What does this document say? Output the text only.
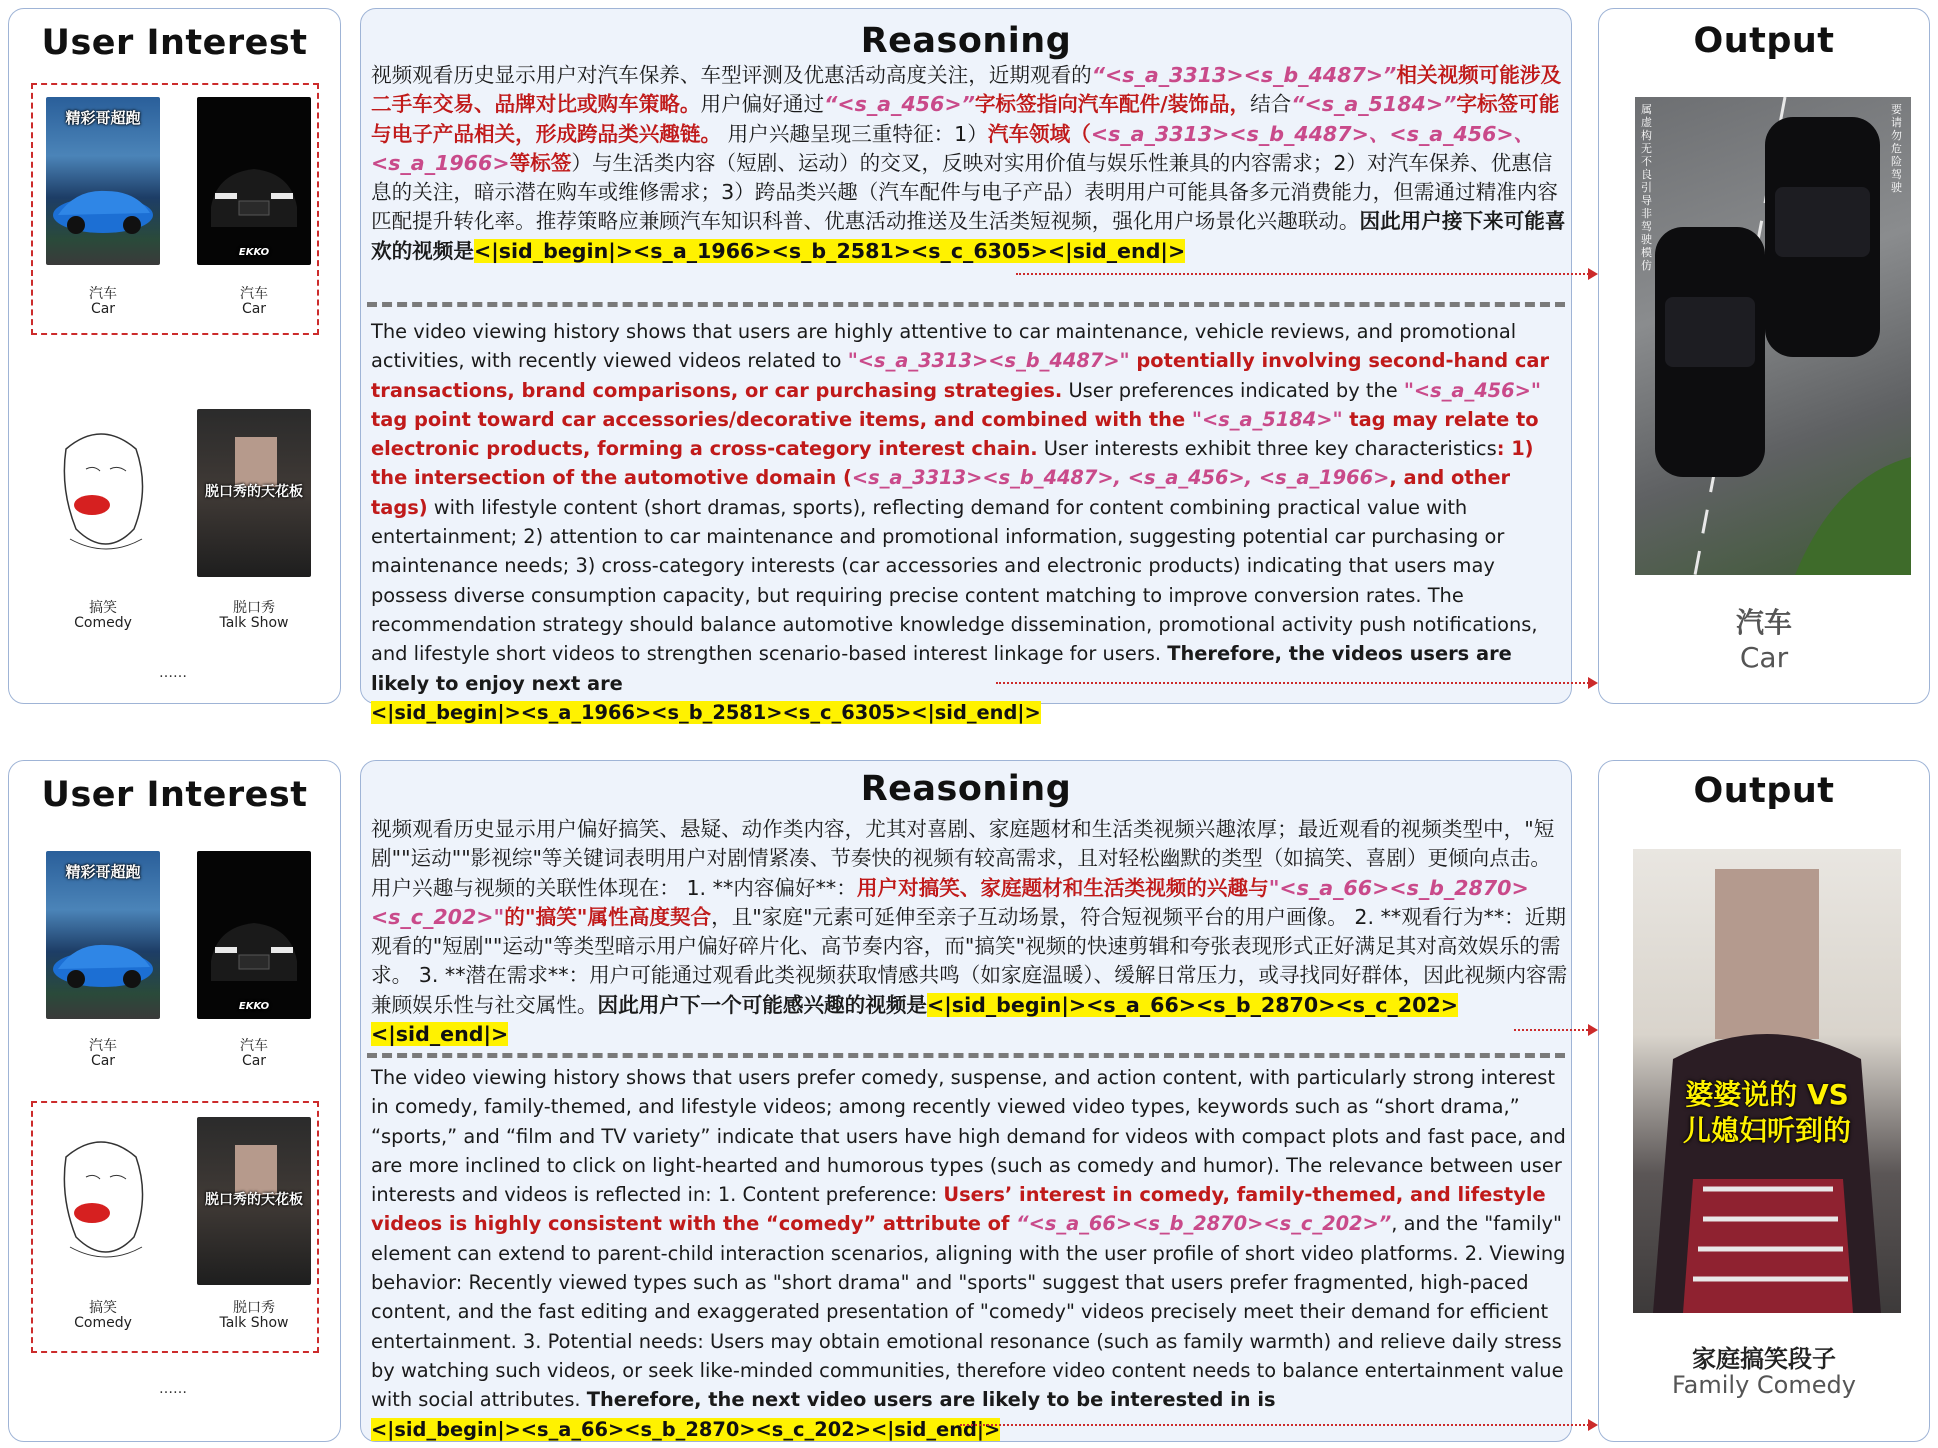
User Interest
精彩哥超跑
汽车
Car
EKKO
汽车
Car
搞笑
Comedy
脱口秀的天花板
脱口秀
Talk Show
……
Reasoning
视频观看历史显示用户对汽车保养、车型评测及优惠活动高度关注，近期观看的“<s_a_3313><s_b_4487>”相关视频可能涉及二手车交易、品牌对比或购车策略。用户偏好通过“<s_a_456>”字标签指向汽车配件/装饰品，结合“<s_a_5184>”字标签可能与电子产品相关，形成跨品类兴趣链。 用户兴趣呈现三重特征：1）汽车领域（<s_a_3313><s_b_4487>、<s_a_456>、<s_a_1966>等标签）与生活类内容（短剧、运动）的交叉，反映对实用价值与娱乐性兼具的内容需求；2）对汽车保养、优惠信息的关注，暗示潜在购车或维修需求；3）跨品类兴趣（汽车配件与电子产品）表明用户可能具备多元消费能力，但需通过精准内容匹配提升转化率。推荐策略应兼顾汽车知识科普、优惠活动推送及生活类短视频，强化用户场景化兴趣联动。因此用户接下来可能喜欢的视频是<|sid_begin|><s_a_1966><s_b_2581><s_c_6305><|sid_end|>
The video viewing history shows that users are highly attentive to car maintenance, vehicle reviews, and promotional activities, with recently viewed videos related to "<s_a_3313><s_b_4487>" potentially involving second-hand car transactions, brand comparisons, or car purchasing strategies. User preferences indicated by the "<s_a_456>" tag point toward car accessories/decorative items, and combined with the "<s_a_5184>" tag may relate to electronic products, forming a cross-category interest chain. User interests exhibit three key characteristics: 1) the intersection of the automotive domain (<s_a_3313><s_b_4487>, <s_a_456>, <s_a_1966>, and other tags) with lifestyle content (short dramas, sports), reflecting demand for content combining practical value with entertainment; 2) attention to car maintenance and promotional information, suggesting potential car purchasing or maintenance needs; 3) cross-category interests (car accessories and electronic products) indicating that users may possess diverse consumption capacity, but requiring precise content matching to improve conversion rates. The recommendation strategy should balance automotive knowledge dissemination, promotional activity push notifications, and lifestyle short videos to strengthen scenario-based interest linkage for users. Therefore, the videos users are likely to enjoy next are
<|sid_begin|><s_a_1966><s_b_2581><s_c_6305><|sid_end|>
Output
属虚构 无不良引导 非驾驶模仿
要 请勿危险驾驶
汽车
Car
User Interest
精彩哥超跑
汽车
Car
EKKO
汽车
Car
搞笑
Comedy
脱口秀的天花板
脱口秀
Talk Show
……
Reasoning
视频观看历史显示用户偏好搞笑、悬疑、动作类内容，尤其对喜剧、家庭题材和生活类视频兴趣浓厚；最近观看的视频类型中，"短剧""运动""影视综"等关键词表明用户对剧情紧凑、节奏快的视频有较高需求，且对轻松幽默的类型（如搞笑、喜剧）更倾向点击。 用户兴趣与视频的关联性体现在： 1. **内容偏好**：用户对搞笑、家庭题材和生活类视频的兴趣与"<s_a_66><s_b_2870><s_c_202>"的"搞笑"属性高度契合，且"家庭"元素可延伸至亲子互动场景，符合短视频平台的用户画像。 2. **观看行为**：近期观看的"短剧""运动"等类型暗示用户偏好碎片化、高节奏内容，而"搞笑"视频的快速剪辑和夸张表现形式正好满足其对高效娱乐的需求。 3. **潜在需求**：用户可能通过观看此类视频获取情感共鸣（如家庭温暖）、缓解日常压力，或寻找同好群体，因此视频内容需兼顾娱乐性与社交属性。因此用户下一个可能感兴趣的视频是<|sid_begin|><s_a_66><s_b_2870><s_c_202><|sid_end|>
The video viewing history shows that users prefer comedy, suspense, and action content, with particularly strong interest in comedy, family-themed, and lifestyle videos; among recently viewed video types, keywords such as “short drama,” “sports,” and “film and TV variety” indicate that users have high demand for videos with compact plots and fast pace, and are more inclined to click on light-hearted and humorous types (such as comedy and humor). The relevance between user interests and videos is reflected in: 1. Content preference: Users’ interest in comedy, family-themed, and lifestyle videos is highly consistent with the “comedy” attribute of “<s_a_66><s_b_2870><s_c_202>”, and the "family" element can extend to parent-child interaction scenarios, aligning with the user profile of short video platforms. 2. Viewing behavior: Recently viewed types such as "short drama" and "sports" suggest that users prefer fragmented, high-paced content, and the fast editing and exaggerated presentation of "comedy" videos precisely meet their demand for efficient entertainment. 3. Potential needs: Users may obtain emotional resonance (such as family warmth) and relieve daily stress by watching such videos, or seek like-minded communities, therefore video content needs to balance entertainment value with social attributes. Therefore, the next video users are likely to be interested in is
<|sid_begin|><s_a_66><s_b_2870><s_c_202><|sid_end|>
Output
婆婆说的 VS 儿媳妇听到的
家庭搞笑段子
Family Comedy
